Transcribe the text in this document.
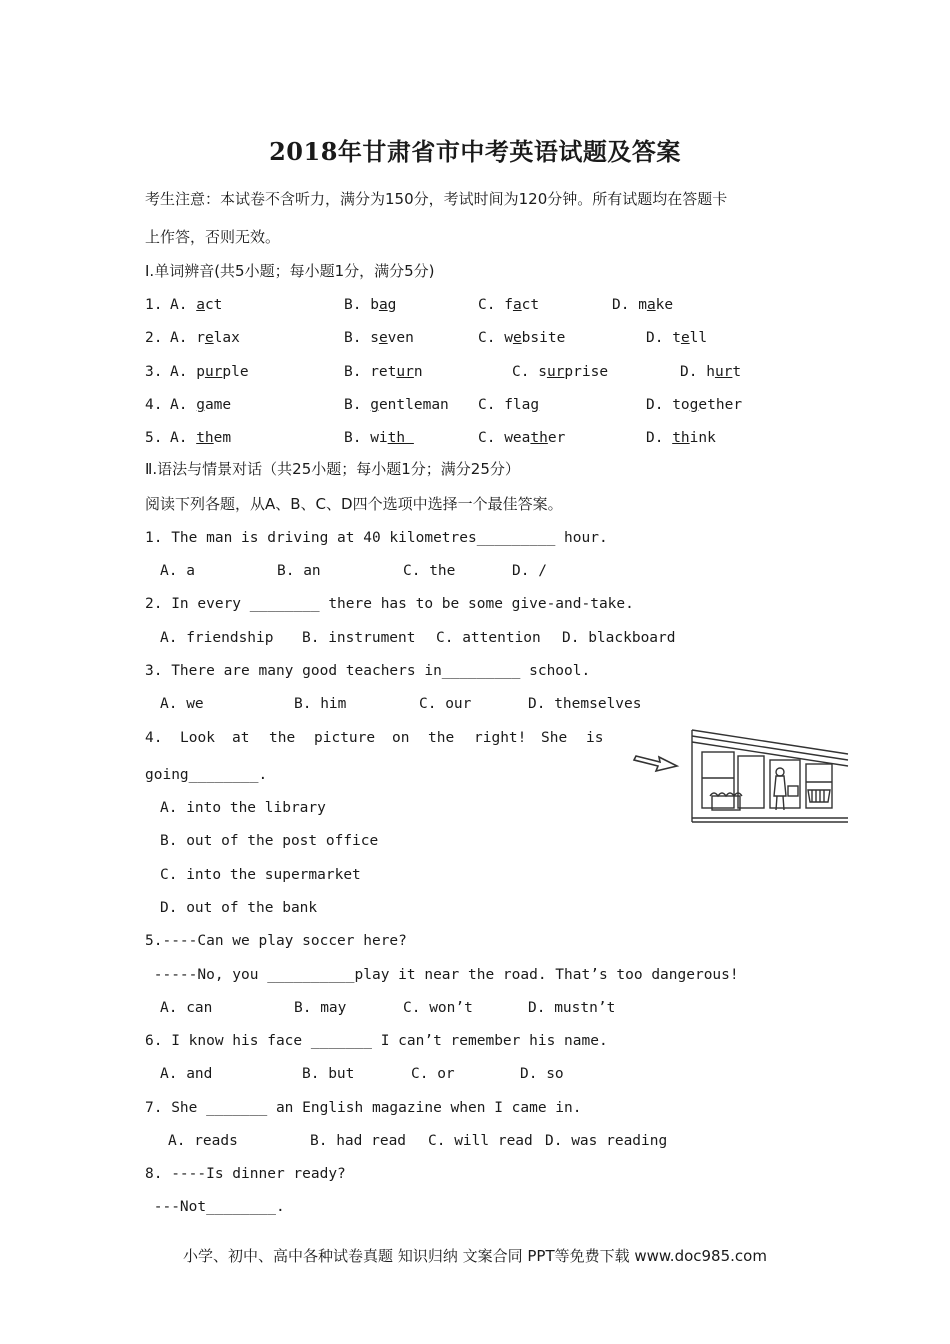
2018年甘肃省市中考英语试题及答案
考生注意：本试卷不含听力，满分为150分，考试时间为120分钟。所有试题均在答题卡
上作答，否则无效。
I.单词辨音(共5小题；每小题1分，满分5分)
1. A. act	B. bag	C. fact	D. make
2. A. relax	B. seven	C. website	D. tell
3. A. purple	B. return	C. surprise	D. hurt
4. A. game	B. gentleman C. flag	D. together
5. A. them	B. with	C. weather	D. think
Ⅱ.语法与情景对话（共25小题；每小题1分；满分25分）
阅读下列各题，从A、B、C、D四个选项中选择一个最佳答案。
1. The man is driving at 40 kilometres_________ hour.
A. a	B. an	C. the	D. /
2. In every ________ there has to be some give-and-take.
A. friendship B. instrument C. attention D. blackboard
3. There are many good teachers in_________ school.
A. we	B. him	C. our	D. themselves
4. Look at the picture on the right! She is
going________.
A. into the library
B. out of the post office
C. into the supermarket
D. out of the bank
5.----Can we play soccer here?
-----No, you __________play it near the road. That’s too dangerous!
A. can	B. may	C. won’t	D. mustn’t
6. I know his face _______ I can’t remember his name.
A. and	B. but	C. or	D. so
7. She _______ an English magazine when I came in.
A. reads	B. had read C. will read D. was reading
8. ----Is dinner ready?
---Not________.
小学、初中、高中各种试卷真题 知识归纳 文案合同 PPT等免费下载 www.doc985.com
